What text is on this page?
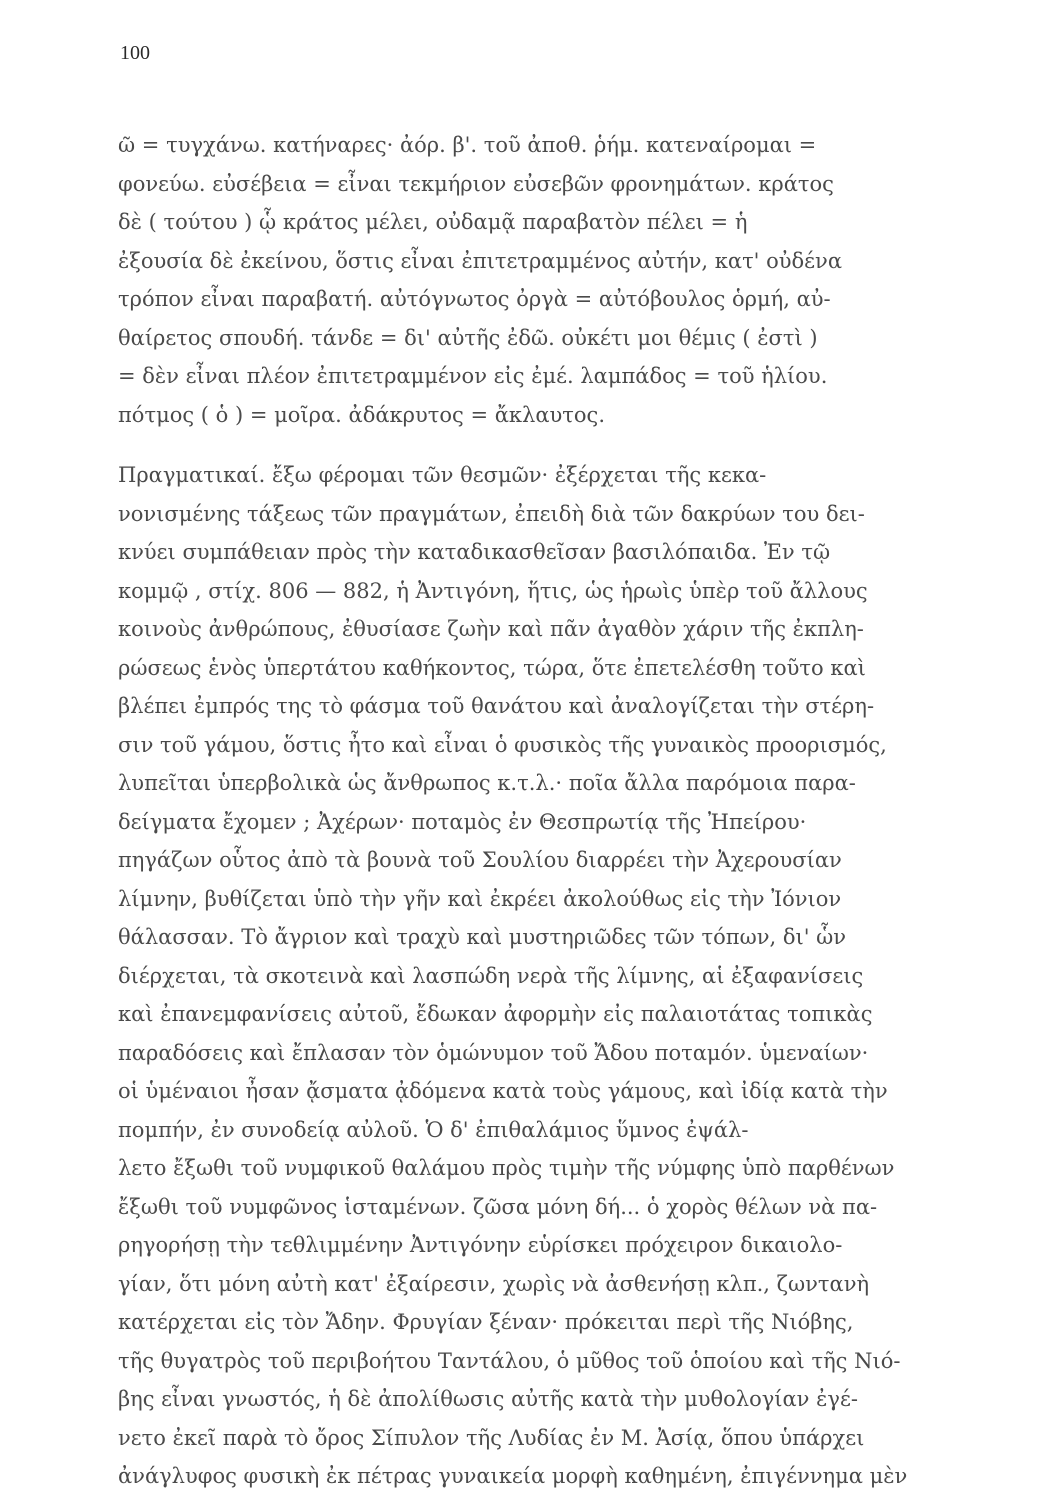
100
ῶ = τυγχάνω. κατήναρες· ἀόρ. β'. τοῦ ἀποθ. ῥήμ. κατεναίρομαι =
φονεύω. εὐσέβεια = εἶναι τεκμήριον εὐσεβῶν φρονημάτων. κράτος
δὲ ( τούτου ) ᾧ κράτος μέλει, οὐδαμᾷ παραβατὸν πέλει = ἡ
ἐξουσία δὲ ἐκείνου, ὅστις εἶναι ἐπιτετραμμένος αὐτήν, κατ' οὐδένα
τρόπον εἶναι παραβατή. αὐτόγνωτος ὀργὰ = αὐτόβουλος ὁρμή, αὐ-
θαίρετος σπουδή. τάνδε = δι' αὐτῆς ἐδῶ. οὐκέτι μοι θέμις ( ἐστὶ )
= δὲν εἶναι πλέον ἐπιτετραμμένον εἰς ἐμέ. λαμπάδος = τοῦ ἡλίου.
πότμος ( ὁ ) = μοῖρα. ἀδάκρυτος = ἄκλαυτος.
Πραγματικαί. ἔξω φέρομαι τῶν θεσμῶν· ἐξέρχεται τῆς κεκα-
νονισμένης τάξεως τῶν πραγμάτων, ἐπειδὴ διὰ τῶν δακρύων του δει-
κνύει συμπάθειαν πρὸς τὴν καταδικασθεῖσαν βασιλόπαιδα. Ἐν τῷ
κομμῷ , στίχ. 806 — 882, ἡ Ἀντιγόνη, ἥτις, ὡς ἡρωὶς ὑπὲρ τοῦ ἄλλους
κοινοὺς ἀνθρώπους, ἐθυσίασε ζωὴν καὶ πᾶν ἀγαθὸν χάριν τῆς ἐκπλη-
ρώσεως ἑνὸς ὑπερτάτου καθήκοντος, τώρα, ὅτε ἐπετελέσθη τοῦτο καὶ
βλέπει ἐμπρός της τὸ φάσμα τοῦ θανάτου καὶ ἀναλογίζεται τὴν στέρη-
σιν τοῦ γάμου, ὅστις ἦτο καὶ εἶναι ὁ φυσικὸς τῆς γυναικὸς προορισμός,
λυπεῖται ὑπερβολικὰ ὡς ἄνθρωπος κ.τ.λ.· ποῖα ἄλλα παρόμοια παρα-
δείγματα ἔχομεν ; Ἀχέρων· ποταμὸς ἐν Θεσπρωτίᾳ τῆς Ἠπείρου·
πηγάζων οὗτος ἀπὸ τὰ βουνὰ τοῦ Σουλίου διαρρέει τὴν Ἀχερουσίαν
λίμνην, βυθίζεται ὑπὸ τὴν γῆν καὶ ἐκρέει ἀκολούθως εἰς τὴν Ἰόνιον
θάλασσαν. Τὸ ἄγριον καὶ τραχὺ καὶ μυστηριῶδες τῶν τόπων, δι' ὧν
διέρχεται, τὰ σκοτεινὰ καὶ λασπώδη νερὰ τῆς λίμνης, αἱ ἐξαφανίσεις
καὶ ἐπανεμφανίσεις αὐτοῦ, ἔδωκαν ἀφορμὴν εἰς παλαιοτάτας τοπικὰς
παραδόσεις καὶ ἔπλασαν τὸν ὁμώνυμον τοῦ Ἄδου ποταμόν. ὑμεναίων·
οἱ ὑμέναιοι ἦσαν ᾄσματα ᾀδόμενα κατὰ τοὺς γάμους, καὶ ἰδίᾳ κατὰ τὴν
πομπήν, ἐν συνοδείᾳ αὐλοῦ. Ὁ δ' ἐπιθαλάμιος ὕμνος ἐψάλ-
λετο ἔξωθι τοῦ νυμφικοῦ θαλάμου πρὸς τιμὴν τῆς νύμφης ὑπὸ παρθένων
ἔξωθι τοῦ νυμφῶνος ἱσταμένων. ζῶσα μόνη δή... ὁ χορὸς θέλων νὰ πα-
ρηγορήσῃ τὴν τεθλιμμένην Ἀντιγόνην εὑρίσκει πρόχειρον δικαιολο-
γίαν, ὅτι μόνη αὐτὴ κατ' ἐξαίρεσιν, χωρὶς νὰ ἀσθενήσῃ κλπ., ζωντανὴ
κατέρχεται εἰς τὸν Ἄδην. Φρυγίαν ξέναν· πρόκειται περὶ τῆς Νιόβης,
τῆς θυγατρὸς τοῦ περιβοήτου Ταντάλου, ὁ μῦθος τοῦ ὁποίου καὶ τῆς Νιό-
βης εἶναι γνωστός, ἡ δὲ ἀπολίθωσις αὐτῆς κατὰ τὴν μυθολογίαν ἐγέ-
νετο ἐκεῖ παρὰ τὸ ὄρος Σίπυλον τῆς Λυδίας ἐν Μ. Ἀσίᾳ, ὅπου ὑπάρχει
ἀνάγλυφος φυσικὴ ἐκ πέτρας γυναικεία μορφὴ καθημένη, ἐπιγέννημα μὲν
